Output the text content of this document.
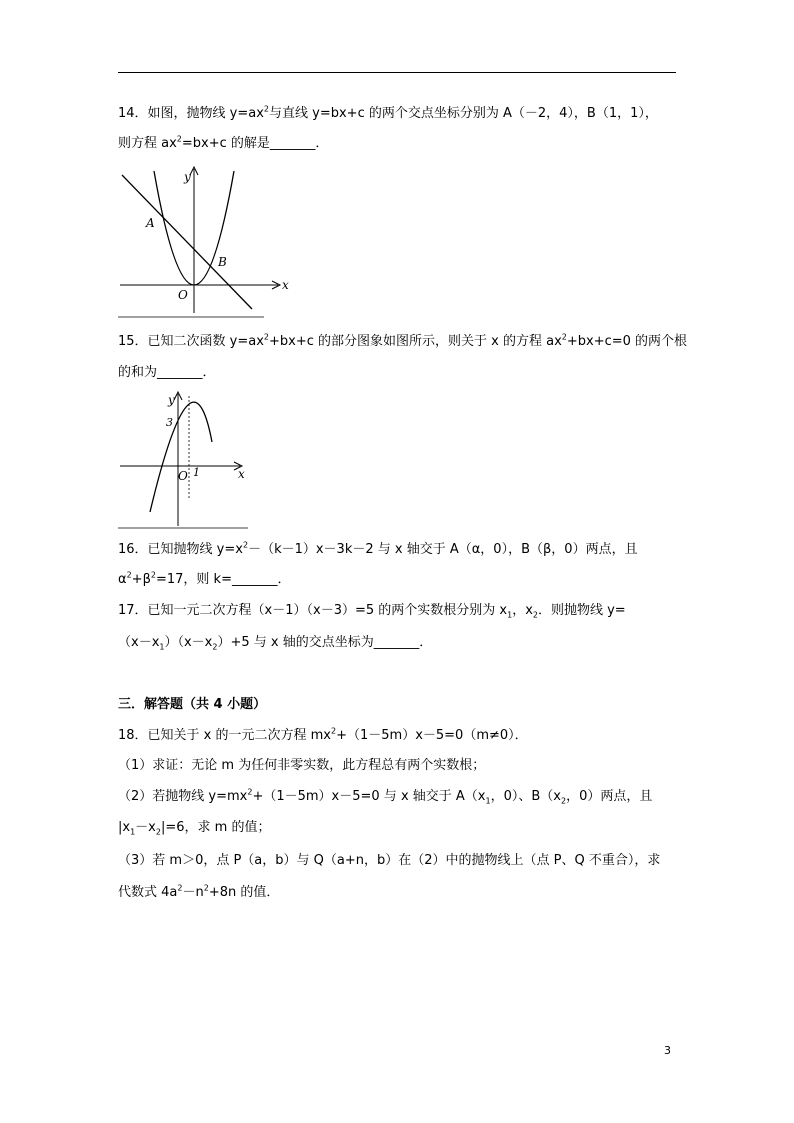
14．如图，抛物线 $y=ax^2$与直线 y=bx+c 的两个交点坐标分别为 A（－2，4），B（1，1），
则方程 $ax^2=bx+c$ 的解是_______．
y
x
O
A
B
15．已知二次函数 $y=ax^2+bx+c$ 的部分图象如图所示，则关于 x 的方程 $ax^2+bx+c=0$ 的两个根
的和为_______．
y
x
O
3
1
16．已知抛物线 $y=x^2-(k-1)x-3k-2$ 与 x 轴交于 A（α，0），B（β，0）两点，且
$\alpha^2+\beta^2=17$，则 k=_______．
17．已知一元二次方程（x－1）（x－3）=5 的两个实数根分别为 $x_1$，$x_2$．则抛物线 y=
$(x-x_1)(x-x_2)+5$ 与 x 轴的交点坐标为_______．
三．解答题（共 4 小题）
18．已知关于 x 的一元二次方程 $mx^2+(1-5m)x-5=0(m\ne 0)$．
（1）求证：无论 m 为任何非零实数，此方程总有两个实数根；
（2）若抛物线 $y=mx^2+(1-5m)x-5=0$ 与 x 轴交于 $A(x_1$，0）、$B(x_2$，0）两点，且
$|x_1-x_2|=6$，求 m 的值；
（3）若 m＞0，点 P（a，b）与 Q（a+n，b）在（2）中的抛物线上（点 P、Q 不重合），求
代数式 $4a^2-n^2+8n$ 的值．
3
